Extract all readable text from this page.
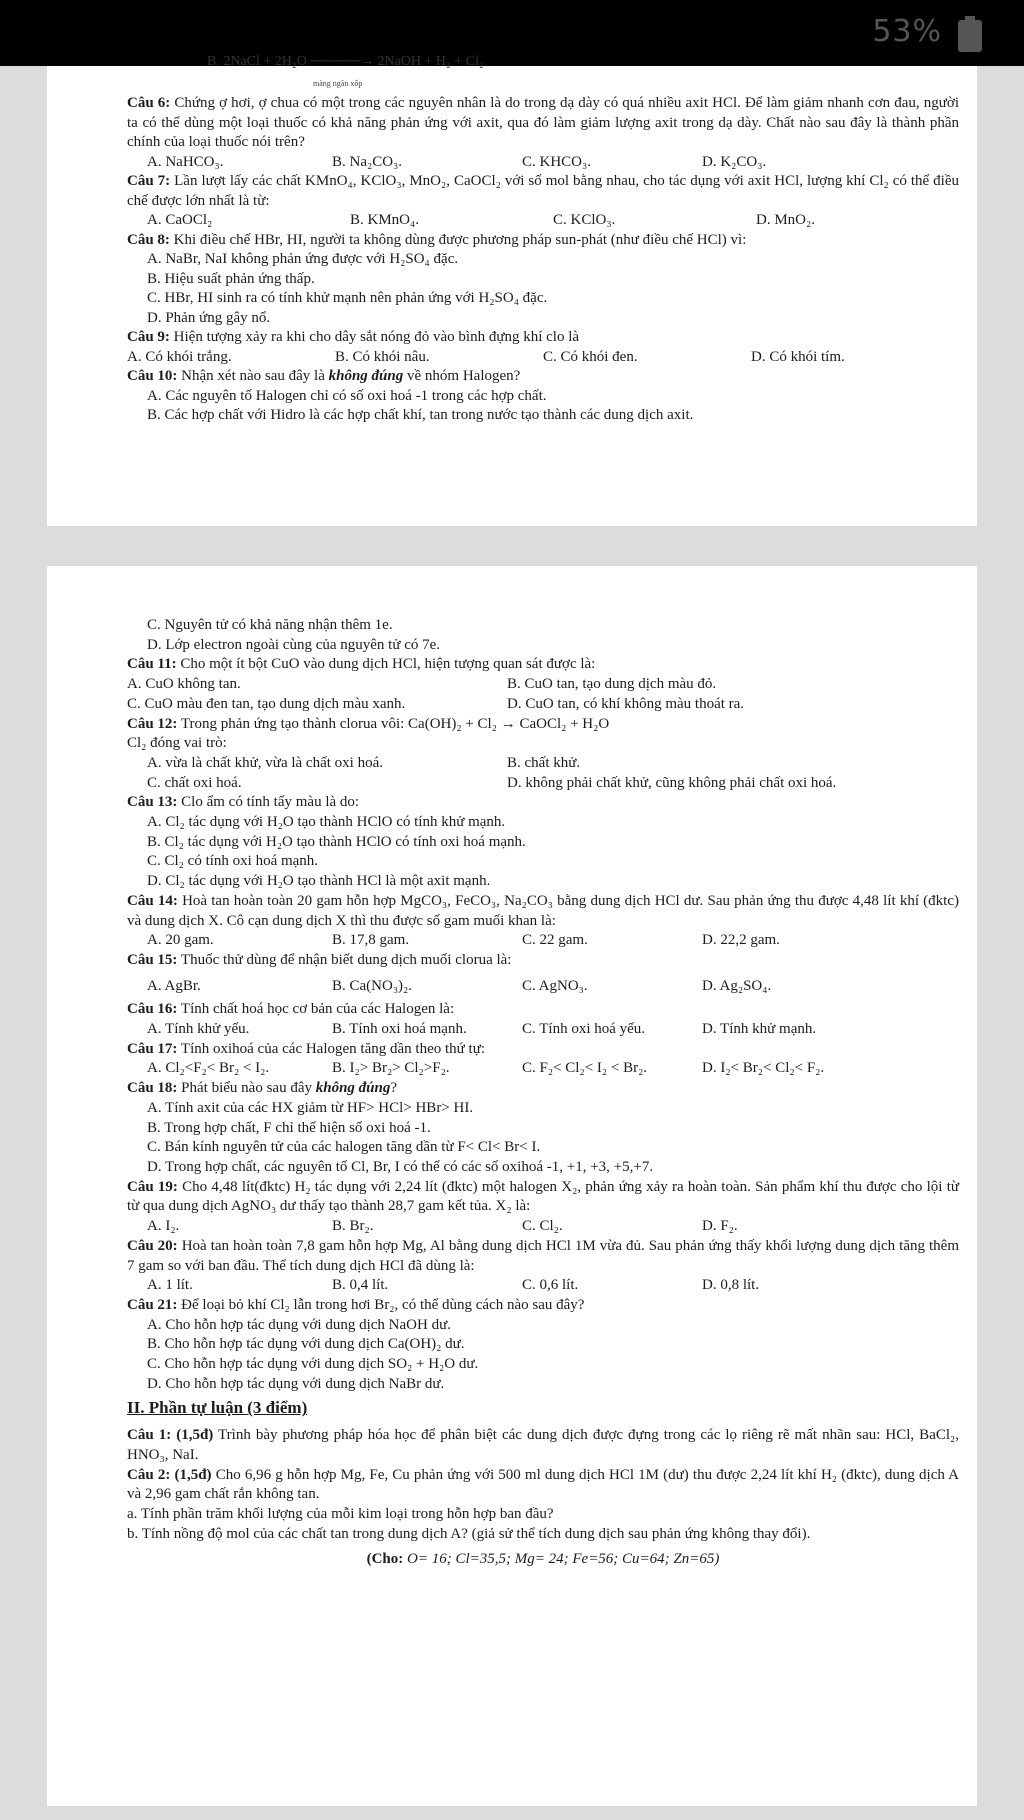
53%
B. 2NaCl + 2H₂O ─────→ 2NaOH + H₂ + Cl₂
màng ngăn xốp

Câu 6: Chứng ợ hơi, ợ chua có một trong các nguyên nhân là do trong dạ dày có quá nhiều axit HCl. Để làm giảm nhanh cơn đau, người ta có thể dùng một loại thuốc có khả năng phản ứng với axit, qua đó làm giảm lượng axit trong dạ dày. Chất nào sau đây là thành phần chính của loại thuốc nói trên?

A. NaHCO₃.	B. Na₂CO₃.	C. KHCO₃.	D. K₂CO₃.

Câu 7: Lần lượt lấy các chất KMnO₄, KClO₃, MnO₂, CaOCl₂ với số mol bằng nhau, cho tác dụng với axit HCl, lượng khí Cl₂ có thể điều chế được lớn nhất là từ:

A. CaOCl₂	B. KMnO₄.	C. KClO₃.	D. MnO₂.

Câu 8: Khi điều chế HBr, HI, người ta không dùng được phương pháp sun-phát (như điều chế HCl) vì:

A. NaBr, NaI không phản ứng được với H₂SO₄ đặc.

B. Hiệu suất phản ứng thấp.

C. HBr, HI sinh ra có tính khử mạnh nên phản ứng với H₂SO₄ đặc.

D. Phản ứng gây nổ.

Câu 9: Hiện tượng xảy ra khi cho dây sắt nóng đỏ vào bình đựng khí clo là

A. Có khói trắng.	B. Có khói nâu.	C. Có khói đen.	D. Có khói tím.

Câu 10: Nhận xét nào sau đây là không đúng về nhóm Halogen?

A. Các nguyên tố Halogen chỉ có số oxi hoá -1 trong các hợp chất.

B. Các hợp chất với Hidro là các hợp chất khí, tan trong nước tạo thành các dung dịch axit.

C. Nguyên tử có khả năng nhận thêm 1e.

D. Lớp electron ngoài cùng của nguyên tử có 7e.

Câu 11: Cho một ít bột CuO vào dung dịch HCl, hiện tượng quan sát được là:

A. CuO không tan.	B. CuO tan, tạo dung dịch màu đỏ.
C. CuO màu đen tan, tạo dung dịch màu xanh.	D. CuO tan, có khí không màu thoát ra.

Câu 12: Trong phản ứng tạo thành clorua vôi: Ca(OH)₂ + Cl₂ → CaOCl₂ + H₂O

Cl₂ đóng vai trò:

A. vừa là chất khử, vừa là chất oxi hoá.	B. chất khử.
C. chất oxi hoá.	D. không phải chất khử, cũng không phải chất oxi hoá.

Câu 13: Clo ẩm có tính tẩy màu là do:

A. Cl₂ tác dụng với H₂O tạo thành HClO có tính khử mạnh.

B. Cl₂ tác dụng với H₂O tạo thành HClO có tính oxi hoá mạnh.

C. Cl₂ có tính oxi hoá mạnh.

D. Cl₂ tác dụng với H₂O tạo thành HCl là một axit mạnh.

Câu 14: Hoà tan hoàn toàn 20 gam hỗn hợp MgCO₃, FeCO₃, Na₂CO₃ bằng dung dịch HCl dư. Sau phản ứng thu được 4,48 lít khí (đktc) và dung dịch X. Cô cạn dung dịch X thì thu được số gam muối khan là:

A. 20 gam.	B. 17,8 gam.	C. 22 gam.	D. 22,2 gam.

Câu 15: Thuốc thử dùng để nhận biết dung dịch muối clorua là:

A. AgBr.	B. Ca(NO₃)₂.	C. AgNO₃.	D. Ag₂SO₄.

Câu 16: Tính chất hoá học cơ bản của các Halogen là:

A. Tính khử yếu.	B. Tính oxi hoá mạnh.	C. Tính oxi hoá yếu.	D. Tính khử mạnh.

Câu 17: Tính oxihoá của các Halogen tăng dần theo thứ tự:

A. Cl₂<F₂< Br₂ < I₂.	B. I₂> Br₂> Cl₂>F₂.	C. F₂< Cl₂< I₂ < Br₂.	D. I₂< Br₂< Cl₂< F₂.

Câu 18: Phát biểu nào sau đây không đúng?

A. Tính axit của các HX giảm từ HF> HCl> HBr> HI.

B. Trong hợp chất, F chỉ thể hiện số oxi hoá -1.

C. Bán kính nguyên tử của các halogen tăng dần từ F< Cl< Br< I.

D. Trong hợp chất, các nguyên tố Cl, Br, I có thể có các số oxihoá -1, +1, +3, +5,+7.

Câu 19: Cho 4,48 lít(đktc) H₂ tác dụng với 2,24 lít (đktc) một halogen X₂, phản ứng xảy ra hoàn toàn. Sản phẩm khí thu được cho lội từ từ qua dung dịch AgNO₃ dư thấy tạo thành 28,7 gam kết tủa. X₂ là:

A. I₂.	B. Br₂.	C. Cl₂.	D. F₂.

Câu 20: Hoà tan hoàn toàn 7,8 gam hỗn hợp Mg, Al bằng dung dịch HCl 1M vừa đủ. Sau phản ứng thấy khối lượng dung dịch tăng thêm 7 gam so với ban đầu. Thể tích dung dịch HCl đã dùng là:

A. 1 lít.	B. 0,4 lít.	C. 0,6 lít.	D. 0,8 lít.

Câu 21: Để loại bỏ khí Cl₂ lẫn trong hơi Br₂, có thể dùng cách nào sau đây?

A. Cho hỗn hợp tác dụng với dung dịch NaOH dư.

B. Cho hỗn hợp tác dụng với dung dịch Ca(OH)₂ dư.

C. Cho hỗn hợp tác dụng với dung dịch SO₂ + H₂O dư.

D. Cho hỗn hợp tác dụng với dung dịch NaBr dư.

II. Phần tự luận (3 điểm)

Câu 1: (1,5đ) Trình bày phương pháp hóa học để phân biệt các dung dịch được đựng trong các lọ riêng rẽ mất nhãn sau: HCl, BaCl₂, HNO₃, NaI.

Câu 2: (1,5đ) Cho 6,96 g hỗn hợp Mg, Fe, Cu phản ứng với 500 ml dung dịch HCl 1M (dư) thu được 2,24 lít khí H₂ (đktc), dung dịch A và 2,96 gam chất rắn không tan.

a. Tính phần trăm khối lượng của mỗi kim loại trong hỗn hợp ban đầu?

b. Tính nồng độ mol của các chất tan trong dung dịch A? (giả sử thể tích dung dịch sau phản ứng không thay đổi).

(Cho: O= 16; Cl=35,5; Mg= 24; Fe=56; Cu=64; Zn=65)
